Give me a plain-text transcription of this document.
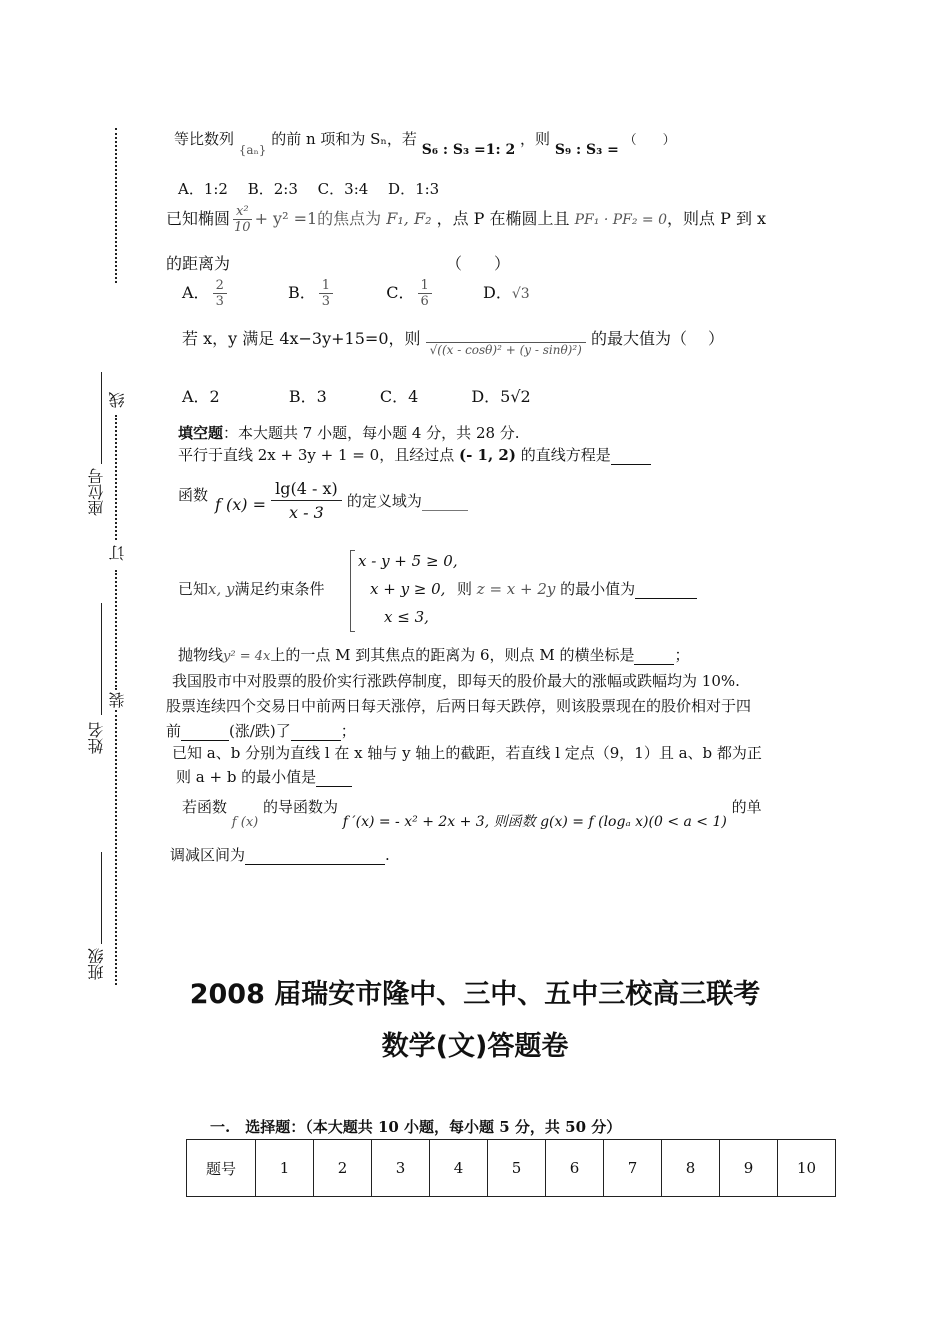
线
订
装
座位号
姓名
班级
等比数列 $_{\{a_n\}}$ 的前 n 项和为 Sₙ，若 S₆ : S₃ =1: 2 ，则 S₉ : S₃ = （　　）
A．1:2　 B．2:3　 C．3:4　 D．1:3
已知椭圆 $\frac{\text{x²}}{10} + y^2 =1$的焦点为 F₁, F₂ ，点 P 在椭圆上且 PF₁ · PF₂ = 0，则点 P 到 x
的距离为	（　　）
A． $\frac{2}{3}$	B． $\frac{1}{3}$	C． $\frac{1}{6}$	D．√3
若 x，y 满足 4x−3y+15=0，则 $_{√((x - cos\theta)^2 + (y - sin\theta)^2)}$ 的最大值为（　 ）
A．2　　　　 B．3　　　 C．4　　　 D．5√2
填空题：本大题共 7 小题，每小题 4 分，共 28 分.
平行于直线 2x + 3y + 1 = 0，且经过点 (- 1, 2) 的直线方程是
函数 f $(x) = \frac{\lg(4 - x)}{x - 3}$ 的定义域为
已知x, y满足约束条件
x - y + 5 ≥ 0,
x + y ≥ 0,
x ≤ 3,
则 z = x + 2y 的最小值为
抛物线y² = 4x上的一点 M 到其焦点的距离为 6，则点 M 的横坐标是	；
我国股市中对股票的股价实行涨跌停制度，即每天的股价最大的涨幅或跌幅均为 10%.
股票连续四个交易日中前两日每天涨停，后两日每天跌停，则该股票现在的股价相对于四
前	(涨/跌)了	；
已知 a、b 分别为直线 l 在 x 轴与 y 轴上的截距，若直线 l 定点（9，1）且 a、b 都为正
则 a + b 的最小值是
若函数 f (x) 的导函数为 f ′(x) = - x² + 2x + 3, 则函数 g(x) = f (logₐ x)(0 < a < 1) 的单
调减区间为	.
2008 届瑞安市隆中、三中、五中三校高三联考
数学(文)答题卷
一.　选择题：（本大题共 10 小题，每小题 5 分，共 50 分）
题号	1	2	3	4	5	6	7	8	9	10
